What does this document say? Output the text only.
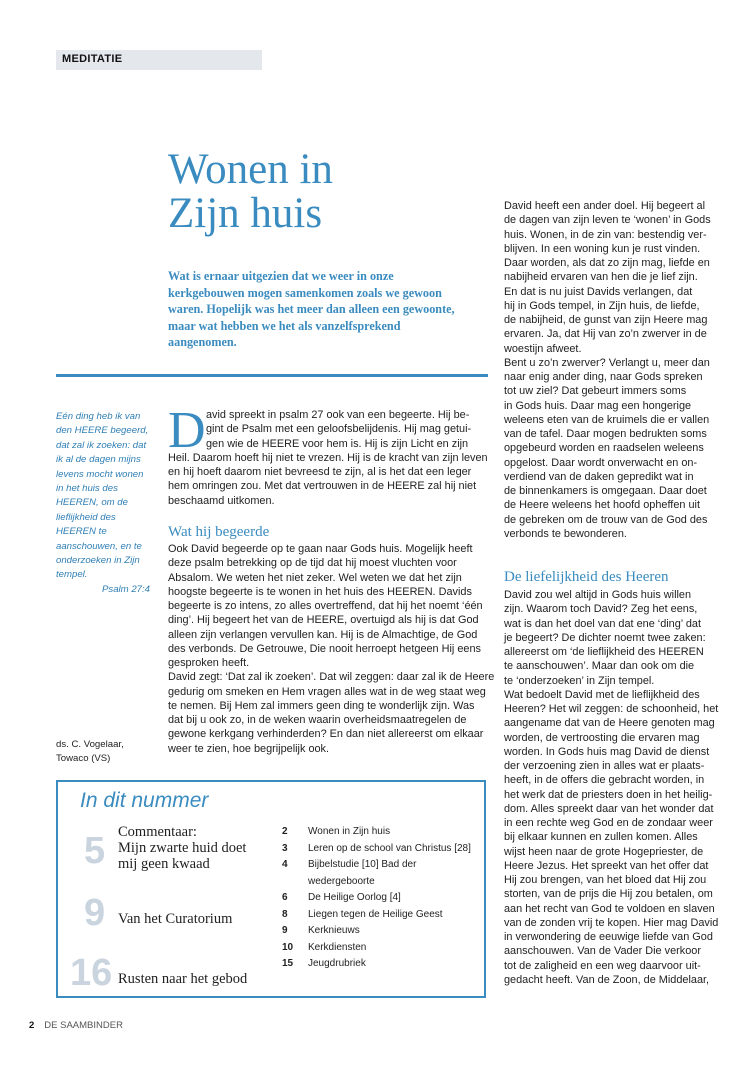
MEDITATIE
Wonen in
Zijn huis
Wat is ernaar uitgezien dat we weer in onze kerkgebouwen mogen samenkomen zoals we gewoon waren. Hopelijk was het meer dan alleen een gewoonte, maar wat hebben we het als vanzelfsprekend aangenomen.
Eén ding heb ik van den HEERE begeerd, dat zal ik zoeken: dat ik al de dagen mijns levens mocht wonen in het huis des HEEREN, om de lieflijkheid des HEEREN te aanschouwen, en te onderzoeken in Zijn tempel.
Psalm 27:4
ds. C. Vogelaar,
Towaco (VS)
D avid spreekt in psalm 27 ook van een begeerte. Hij be-
gint de Psalm met een geloofsbelijdenis. Hij mag getui-
gen wie de HEERE voor hem is. Hij is zijn Licht en zijn
Heil. Daarom hoeft hij niet te vrezen. Hij is de kracht van zijn leven
en hij hoeft daarom niet bevreesd te zijn, al is het dat een leger
hem omringen zou. Met dat vertrouwen in de HEERE zal hij niet
beschaamd uitkomen.
Wat hij begeerde
Ook David begeerde op te gaan naar Gods huis. Mogelijk heeft
deze psalm betrekking op de tijd dat hij moest vluchten voor
Absalom. We weten het niet zeker. Wel weten we dat het zijn
hoogste begeerte is te wonen in het huis des HEEREN. Davids
begeerte is zo intens, zo alles overtreffend, dat hij het noemt ‘één
ding’. Hij begeert het van de HEERE, overtuigd als hij is dat God
alleen zijn verlangen vervullen kan. Hij is de Almachtige, de God
des verbonds. De Getrouwe, Die nooit herroept hetgeen Hij eens
gesproken heeft.
David zegt: ‘Dat zal ik zoeken’. Dat wil zeggen: daar zal ik de Heere
gedurig om smeken en Hem vragen alles wat in de weg staat weg
te nemen. Bij Hem zal immers geen ding te wonderlijk zijn. Was
dat bij u ook zo, in de weken waarin overheidsmaatregelen de
gewone kerkgang verhinderden? En dan niet allereerst om elkaar
weer te zien, hoe begrijpelijk ook.
David heeft een ander doel. Hij begeert al
de dagen van zijn leven te ‘wonen’ in Gods
huis. Wonen, in de zin van: bestendig ver-
blijven. In een woning kun je rust vinden.
Daar worden, als dat zo zijn mag, liefde en
nabijheid ervaren van hen die je lief zijn.
En dat is nu juist Davids verlangen, dat
hij in Gods tempel, in Zijn huis, de liefde,
de nabijheid, de gunst van zijn Heere mag
ervaren. Ja, dat Hij van zo’n zwerver in de
woestijn afweet.
Bent u zo’n zwerver? Verlangt u, meer dan
naar enig ander ding, naar Gods spreken
tot uw ziel? Dat gebeurt immers soms
in Gods huis. Daar mag een hongerige
weleens eten van de kruimels die er vallen
van de tafel. Daar mogen bedrukten soms
opgebeurd worden en raadselen weleens
opgelost. Daar wordt onverwacht en on-
verdiend van de daken gepredikt wat in
de binnenkamers is omgegaan. Daar doet
de Heere weleens het hoofd opheffen uit
de gebreken om de trouw van de God des
verbonds te bewonderen.
De liefelijkheid des Heeren
David zou wel altijd in Gods huis willen
zijn. Waarom toch David? Zeg het eens,
wat is dan het doel van dat ene ‘ding’ dat
je begeert? De dichter noemt twee zaken:
allereerst om ‘de lieflijkheid des HEEREN
te aanschouwen’. Maar dan ook om die
te ‘onderzoeken’ in Zijn tempel.
Wat bedoelt David met de lieflijkheid des
Heeren? Het wil zeggen: de schoonheid, het
aangename dat van de Heere genoten mag
worden, de vertroosting die ervaren mag
worden. In Gods huis mag David de dienst
der verzoening zien in alles wat er plaats-
heeft, in de offers die gebracht worden, in
het werk dat de priesters doen in het heilig-
dom. Alles spreekt daar van het wonder dat
in een rechte weg God en de zondaar weer
bij elkaar kunnen en zullen komen. Alles
wijst heen naar de grote Hogepriester, de
Heere Jezus. Het spreekt van het offer dat
Hij zou brengen, van het bloed dat Hij zou
storten, van de prijs die Hij zou betalen, om
aan het recht van God te voldoen en slaven
van de zonden vrij te kopen. Hier mag David
in verwondering de eeuwige liefde van God
aanschouwen. Van de Vader Die verkoor
tot de zaligheid en een weg daarvoor uit-
gedacht heeft. Van de Zoon, de Middelaar,
In dit nummer
5 Commentaar:
Mijn zwarte huid doet
mij geen kwaad
9 Van het Curatorium
16 Rusten naar het gebod
2 Wonen in Zijn huis
3 Leren op de school van Christus [28]
4 Bijbelstudie [10] Bad der
wedergeboorte
6 De Heilige Oorlog [4]
8 Liegen tegen de Heilige Geest
9 Kerknieuws
10 Kerkdiensten
15 Jeugdrubriek
2 DE SAAMBINDER
